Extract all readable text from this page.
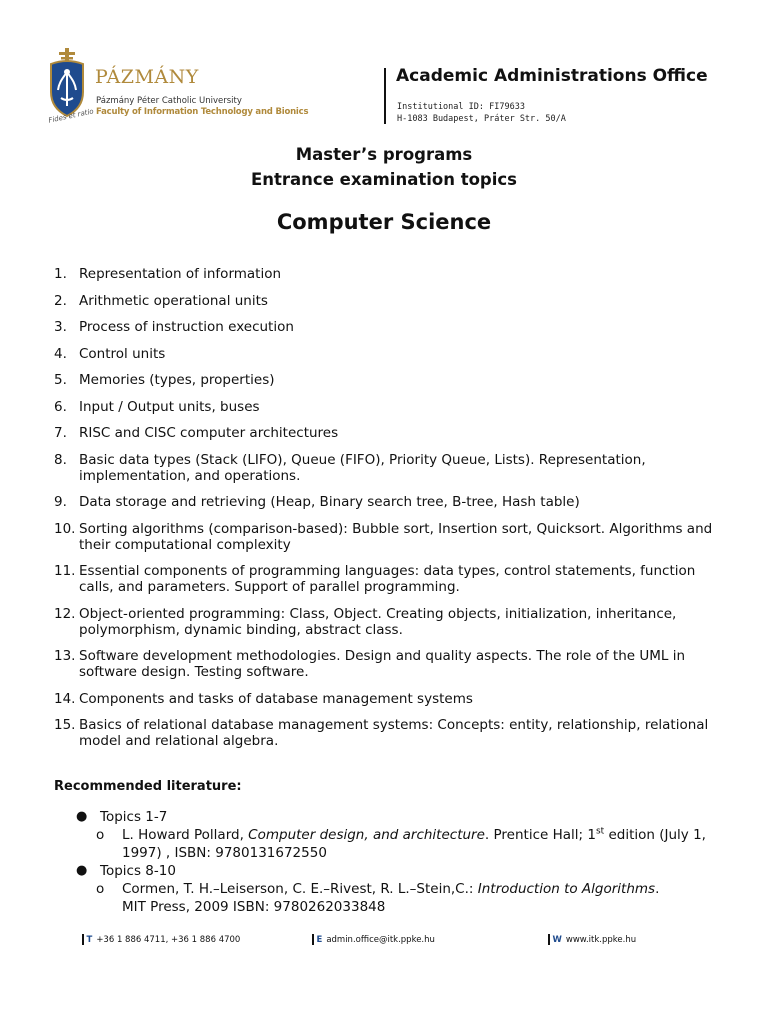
PÁZMÁNY
Pázmány Péter Catholic University
Faculty of Information Technology and Bionics
Fides et ratio
Academic Administrations Office
Institutional ID: FI79633
H-1083 Budapest, Práter Str. 50/A
Master’s programs
Entrance examination topics
Computer Science
1. Representation of information
2. Arithmetic operational units
3. Process of instruction execution
4. Control units
5. Memories (types, properties)
6. Input / Output units, buses
7. RISC and CISC computer architectures
8. Basic data types (Stack (LIFO), Queue (FIFO), Priority Queue, Lists). Representation, implementation, and operations.
9. Data storage and retrieving (Heap, Binary search tree, B-tree, Hash table)
10. Sorting algorithms (comparison-based): Bubble sort, Insertion sort, Quicksort. Algorithms and their computational complexity
11. Essential components of programming languages: data types, control statements, function calls, and parameters. Support of parallel programming.
12. Object-oriented programming: Class, Object. Creating objects, initialization, inheritance, polymorphism, dynamic binding, abstract class.
13. Software development methodologies. Design and quality aspects. The role of the UML in software design. Testing software.
14. Components and tasks of database management systems
15. Basics of relational database management systems: Concepts: entity, relationship, relational model and relational algebra.
Recommended literature:
● Topics 1-7
o	L. Howard Pollard, Computer design, and architecture. Prentice Hall; 1st edition (July 1, 1997) , ISBN: 9780131672550
● Topics 8-10
o	Cormen, T. H.–Leiserson, C. E.–Rivest, R. L.–Stein,C.: Introduction to Algorithms.
MIT Press, 2009 ISBN: 9780262033848
T +36 1 886 4711, +36 1 886 4700	E admin.office@itk.ppke.hu	W www.itk.ppke.hu
